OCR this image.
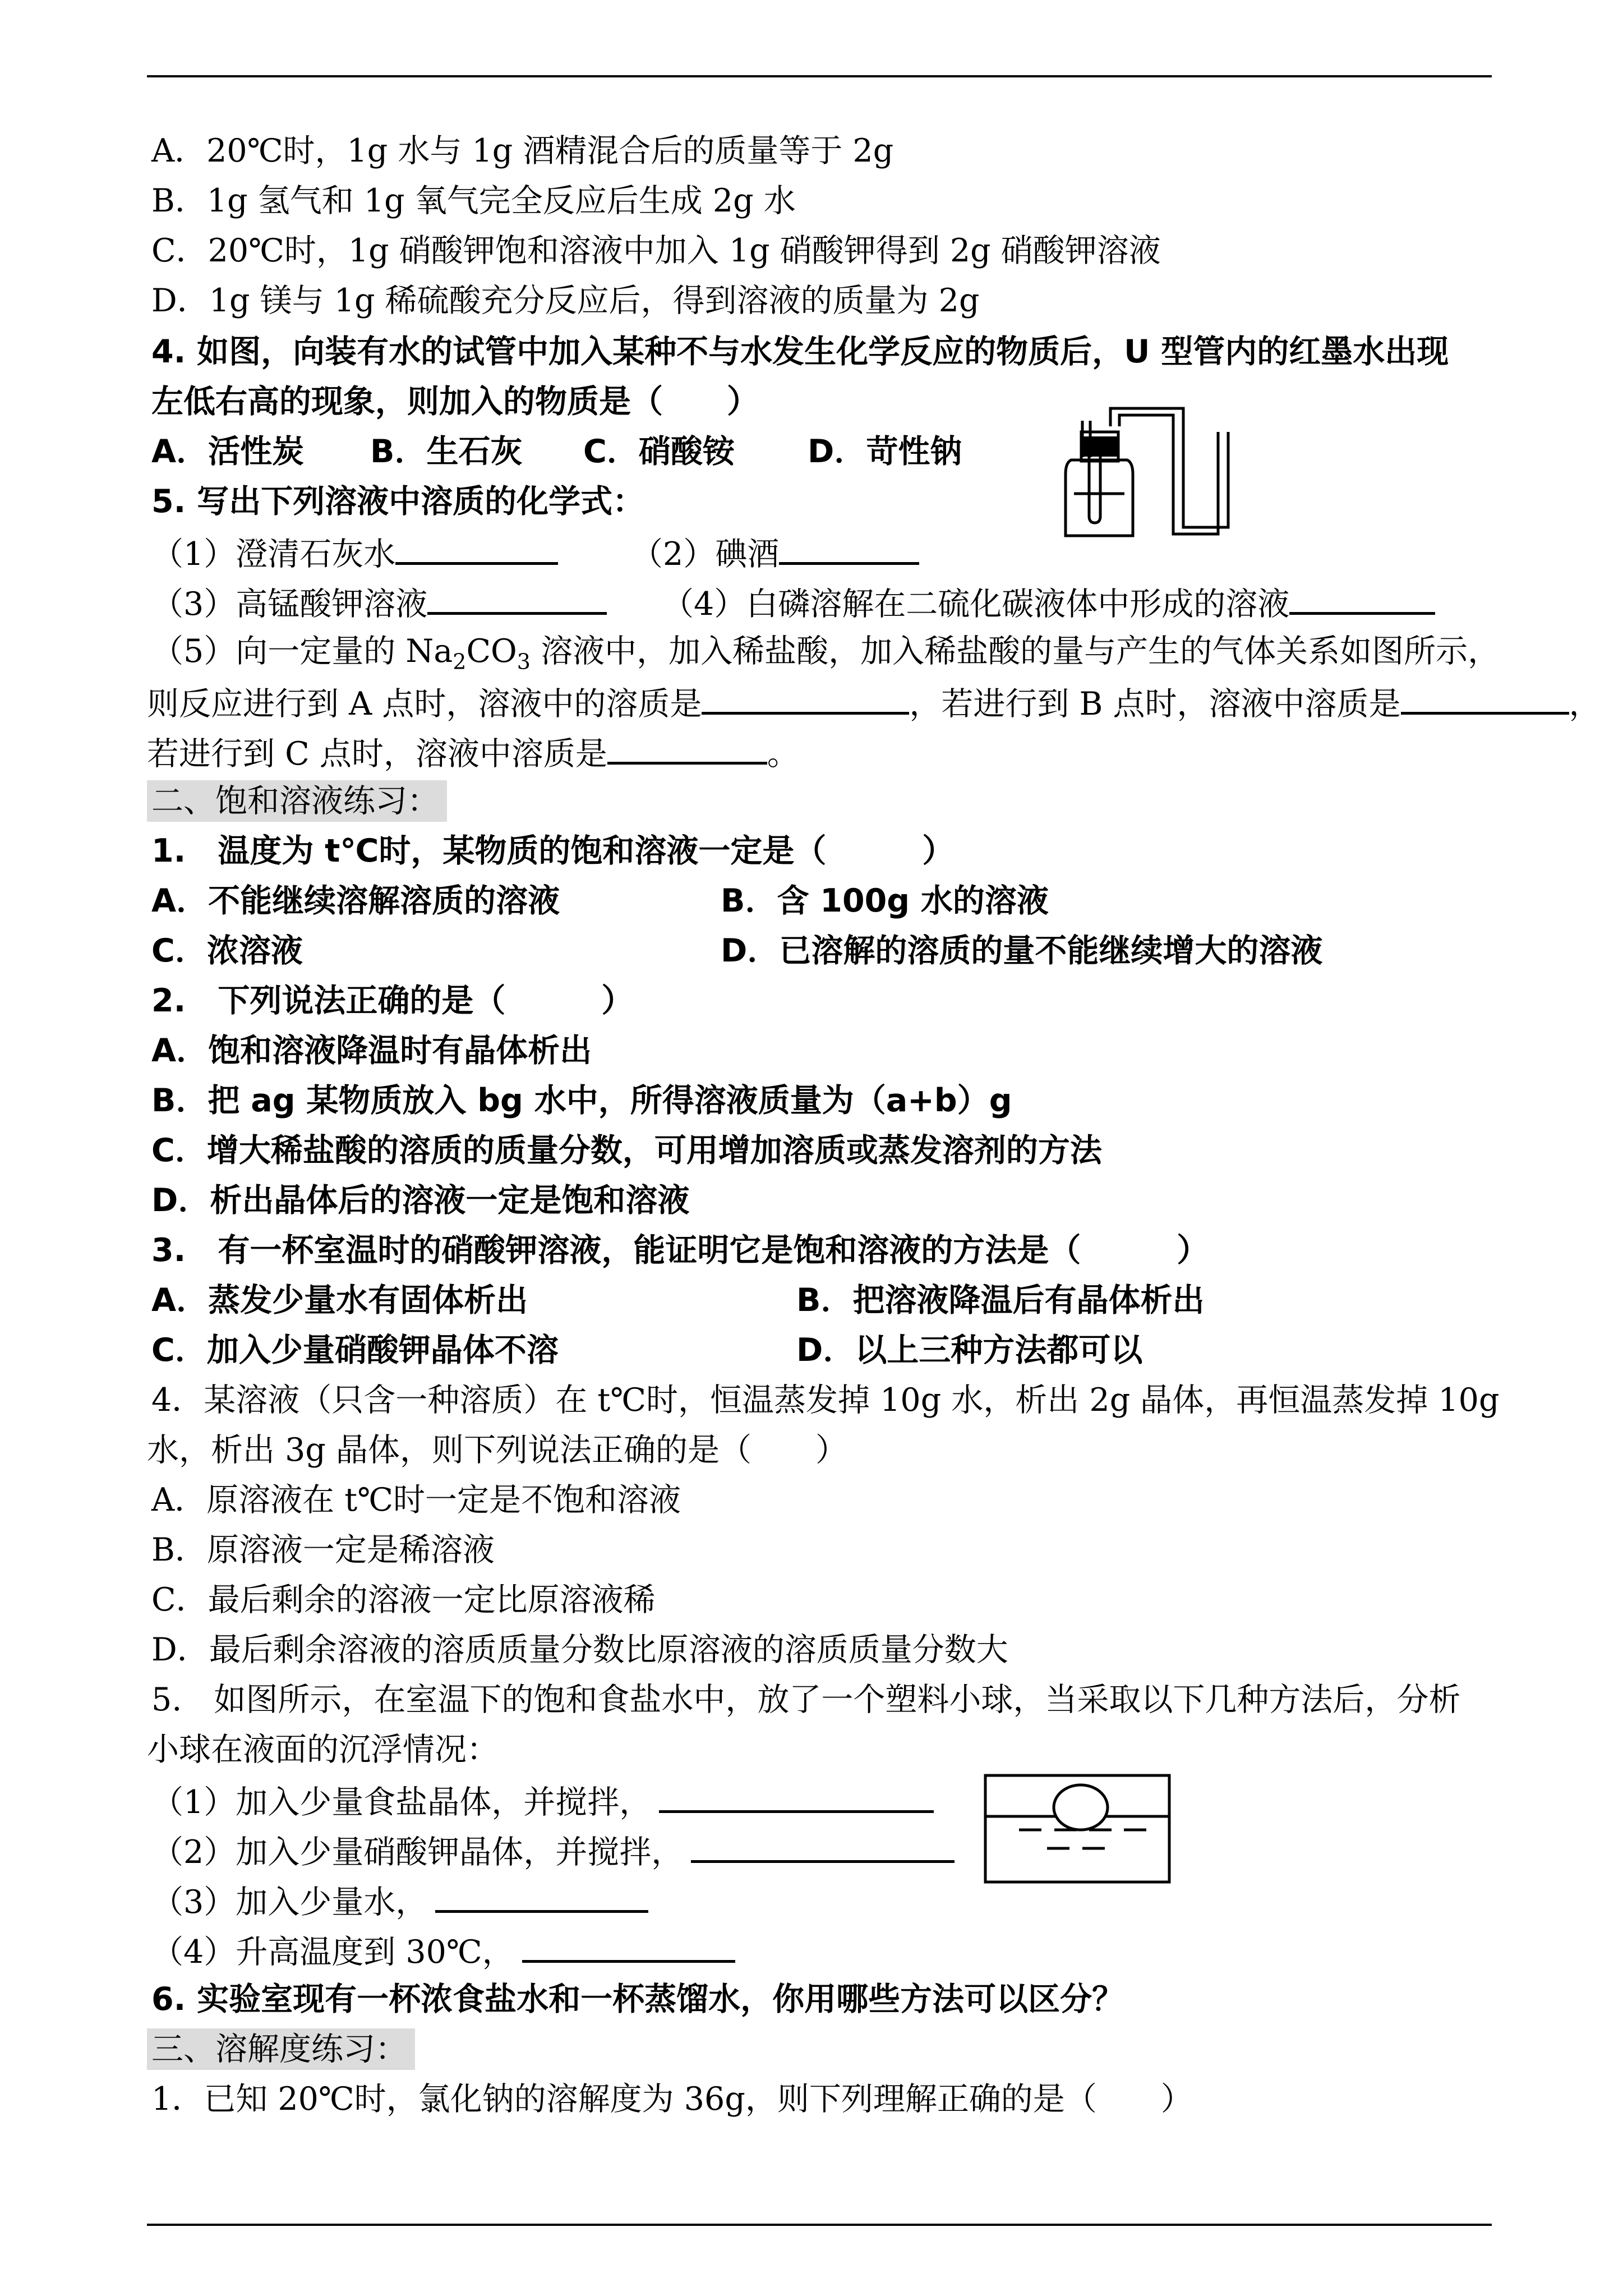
A．20℃时，1g 水与 1g 酒精混合后的质量等于 2g
B．1g 氢气和 1g 氧气完全反应后生成 2g 水
C．20℃时，1g 硝酸钾饱和溶液中加入 1g 硝酸钾得到 2g 硝酸钾溶液
D．1g 镁与 1g 稀硫酸充分反应后，得到溶液的质量为 2g
4. 如图，向装有水的试管中加入某种不与水发生化学反应的物质后，U 型管内的红墨水出现
左低右高的现象，则加入的物质是（　　）
A．活性炭 B．生石灰 C．硝酸铵 D．苛性钠
5. 写出下列溶液中溶质的化学式：
（1）澄清石灰水	（2）碘酒
（3）高锰酸钾溶液	（4）白磷溶解在二硫化碳液体中形成的溶液
（5）向一定量的 $Na_2CO_3$ 溶液中，加入稀盐酸，加入稀盐酸的量与产生的气体关系如图所示，
则反应进行到 A 点时，溶液中的溶质是	，若进行到 B 点时，溶液中溶质是	，
若进行到 C 点时，溶液中溶质是	。
二、饱和溶液练习：
1.　温度为 t℃时，某物质的饱和溶液一定是（　　　）
A．不能继续溶解溶质的溶液	B．含 100g 水的溶液
C．浓溶液	D．已溶解的溶质的量不能继续增大的溶液
2.　下列说法正确的是（　　　）
A．饱和溶液降温时有晶体析出
B．把 ag 某物质放入 bg 水中，所得溶液质量为（a+b）g
C．增大稀盐酸的溶质的质量分数，可用增加溶质或蒸发溶剂的方法
D．析出晶体后的溶液一定是饱和溶液
3.　有一杯室温时的硝酸钾溶液，能证明它是饱和溶液的方法是（　　　）
A．蒸发少量水有固体析出	B．把溶液降温后有晶体析出
C．加入少量硝酸钾晶体不溶	D．以上三种方法都可以
4．某溶液（只含一种溶质）在 t℃时，恒温蒸发掉 10g 水，析出 2g 晶体，再恒温蒸发掉 10g
水，析出 3g 晶体，则下列说法正确的是（　　）
A．原溶液在 t℃时一定是不饱和溶液
B．原溶液一定是稀溶液
C．最后剩余的溶液一定比原溶液稀
D．最后剩余溶液的溶质质量分数比原溶液的溶质质量分数大
5.　如图所示，在室温下的饱和食盐水中，放了一个塑料小球，当采取以下几种方法后，分析
小球在液面的沉浮情况：
（1）加入少量食盐晶体，并搅拌，
（2）加入少量硝酸钾晶体，并搅拌，
（3）加入少量水，
（4）升高温度到 30℃，
6. 实验室现有一杯浓食盐水和一杯蒸馏水，你用哪些方法可以区分？
三、溶解度练习：
1．已知 20℃时，氯化钠的溶解度为 36g，则下列理解正确的是（　　）
